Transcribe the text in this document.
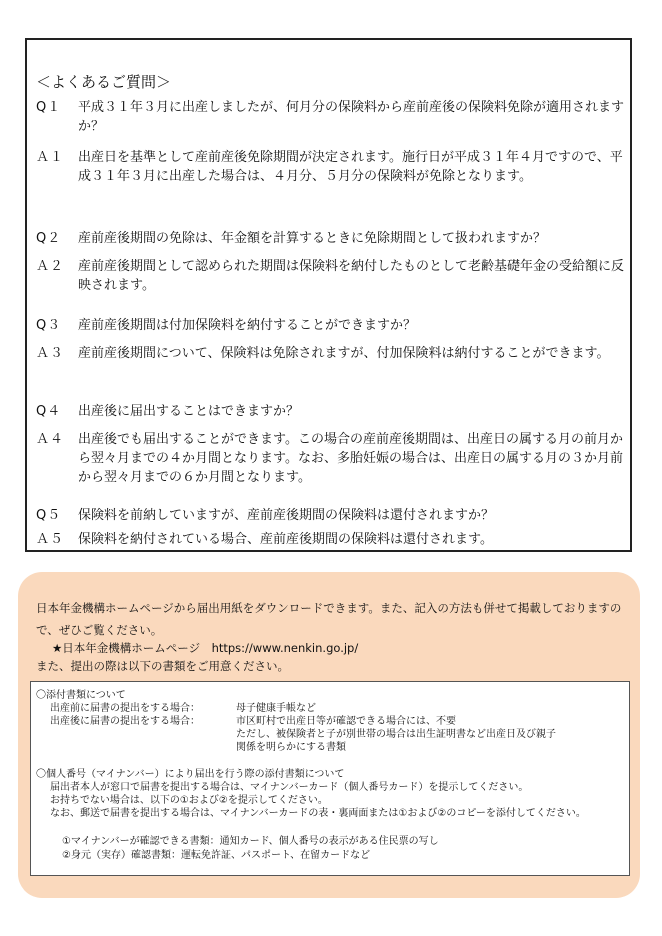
＜よくあるご質問＞
Q１	平成３１年３月に出産しましたが、何月分の保険料から産前産後の保険料免除が適用されますか？
Ａ１	出産日を基準として産前産後免除期間が決定されます。施行日が平成３１年４月ですので、平成３１年３月に出産した場合は、４月分、５月分の保険料が免除となります。
Q２	産前産後期間の免除は、年金額を計算するときに免除期間として扱われますか？
Ａ２	産前産後期間として認められた期間は保険料を納付したものとして老齢基礎年金の受給額に反映されます。
Q３	産前産後期間は付加保険料を納付することができますか？
Ａ３	産前産後期間について、保険料は免除されますが、付加保険料は納付することができます。
Q４	出産後に届出することはできますか？
Ａ４	出産後でも届出することができます。この場合の産前産後期間は、出産日の属する月の前月から翌々月までの４か月間となります。なお、多胎妊娠の場合は、出産日の属する月の３か月前から翌々月までの６か月間となります。
Q５	保険料を前納していますが、産前産後期間の保険料は還付されますか？
Ａ５	保険料を納付されている場合、産前産後期間の保険料は還付されます。
日本年金機構ホームページから届出用紙をダウンロードできます。また、記入の方法も併せて掲載しておりますので、ぜひご覧ください。
★日本年金機構ホームページ　https://www.nenkin.go.jp/
また、提出の際は以下の書類をご用意ください。
〇添付書類について
出産前に届書の提出をする場合：	母子健康手帳など
出産後に届書の提出をする場合：	市区町村で出産日等が確認できる場合には、不要
ただし、被保険者と子が別世帯の場合は出生証明書など出産日及び親子
関係を明らかにする書類
〇個人番号（マイナンバー）により届出を行う際の添付書類について
届出者本人が窓口で届書を提出する場合は、マイナンバーカード（個人番号カード）を提示してください。
お持ちでない場合は、以下の①および②を提示してください。
なお、郵送で届書を提出する場合は、マイナンバーカードの表・裏両面または①および②のコピーを添付してください。
①マイナンバーが確認できる書類：通知カード、個人番号の表示がある住民票の写し
②身元（実存）確認書類：運転免許証、パスポート、在留カードなど
